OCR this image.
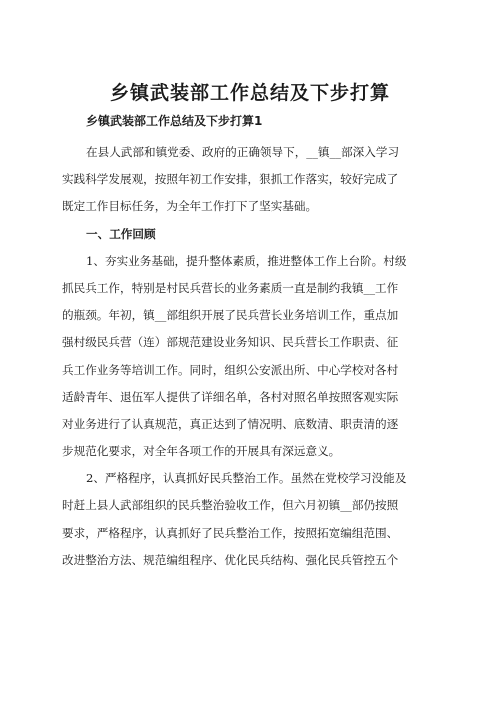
乡镇武装部工作总结及下步打算
乡镇武装部工作总结及下步打算1
在县人武部和镇党委、政府的正确领导下，__镇__部深入学习
实践科学发展观，按照年初工作安排，狠抓工作落实，较好完成了
既定工作目标任务，为全年工作打下了坚实基础。
一、工作回顾
1、夯实业务基础，提升整体素质，推进整体工作上台阶。村级
抓民兵工作，特别是村民兵营长的业务素质一直是制约我镇__工作
的瓶颈。年初，镇__部组织开展了民兵营长业务培训工作，重点加
强村级民兵营（连）部规范建设业务知识、民兵营长工作职责、征
兵工作业务等培训工作。同时，组织公安派出所、中心学校对各村
适龄青年、退伍军人提供了详细名单，各村对照名单按照客观实际
对业务进行了认真规范，真正达到了情况明、底数清、职责清的逐
步规范化要求，对全年各项工作的开展具有深远意义。
2、严格程序，认真抓好民兵整治工作。虽然在党校学习没能及
时赶上县人武部组织的民兵整治验收工作，但六月初镇__部仍按照
要求，严格程序，认真抓好了民兵整治工作，按照拓宽编组范围、
改进整治方法、规范编组程序、优化民兵结构、强化民兵管控五个
